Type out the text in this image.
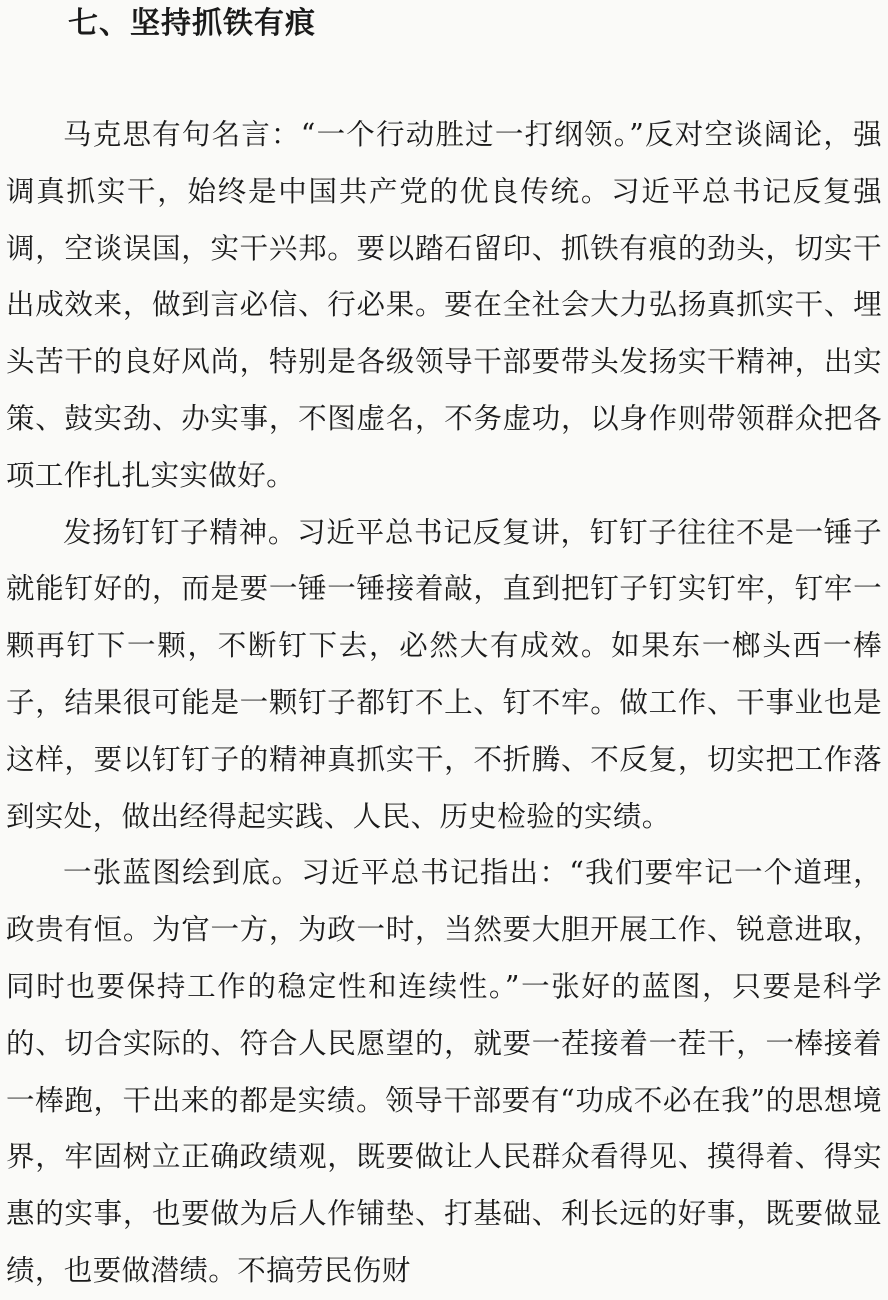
七、坚持抓铁有痕

马克思有句名言：“一个行动胜过一打纲领。”反对空谈阔论，强调真抓实干，始终是中国共产党的优良传统。习近平总书记反复强调，空谈误国，实干兴邦。要以踏石留印、抓铁有痕的劲头，切实干出成效来，做到言必信、行必果。要在全社会大力弘扬真抓实干、埋头苦干的良好风尚，特别是各级领导干部要带头发扬实干精神，出实策、鼓实劲、办实事，不图虚名，不务虚功，以身作则带领群众把各项工作扎扎实实做好。

发扬钉钉子精神。习近平总书记反复讲，钉钉子往往不是一锤子就能钉好的，而是要一锤一锤接着敲，直到把钉子钉实钉牢，钉牢一颗再钉下一颗，不断钉下去，必然大有成效。如果东一榔头西一棒子，结果很可能是一颗钉子都钉不上、钉不牢。做工作、干事业也是这样，要以钉钉子的精神真抓实干，不折腾、不反复，切实把工作落到实处，做出经得起实践、人民、历史检验的实绩。

一张蓝图绘到底。习近平总书记指出：“我们要牢记一个道理，政贵有恒。为官一方，为政一时，当然要大胆开展工作、锐意进取，同时也要保持工作的稳定性和连续性。”一张好的蓝图，只要是科学的、切合实际的、符合人民愿望的，就要一茬接着一茬干，一棒接着一棒跑，干出来的都是实绩。领导干部要有“功成不必在我”的思想境界，牢固树立正确政绩观，既要做让人民群众看得见、摸得着、得实惠的实事，也要做为后人作铺垫、打基础、利长远的好事，既要做显绩，也要做潜绩。不搞劳民伤财
